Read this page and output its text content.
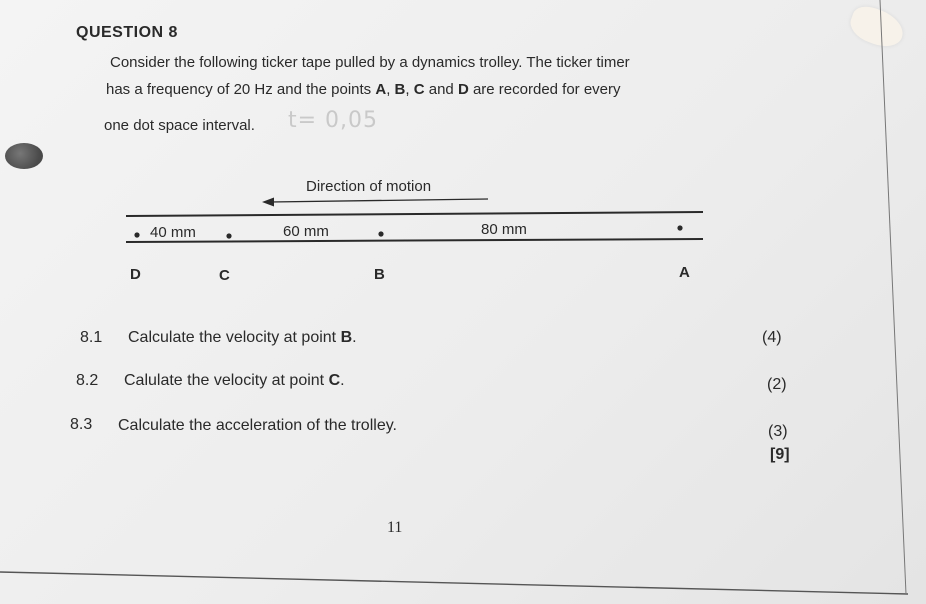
QUESTION 8
Consider the following ticker tape pulled by a dynamics trolley. The ticker timer
has a frequency of 20 Hz and the points A, B, C and D are recorded for every
one dot space interval. t= 0,05
Direction of motion
40 mm	60 mm	80 mm
D	C	B	A
8.1 Calculate the velocity at point B.	(4)
8.2 Calulate the velocity at point C.	(2)
8.3 Calculate the acceleration of the trolley.	(3)
[9]
11
